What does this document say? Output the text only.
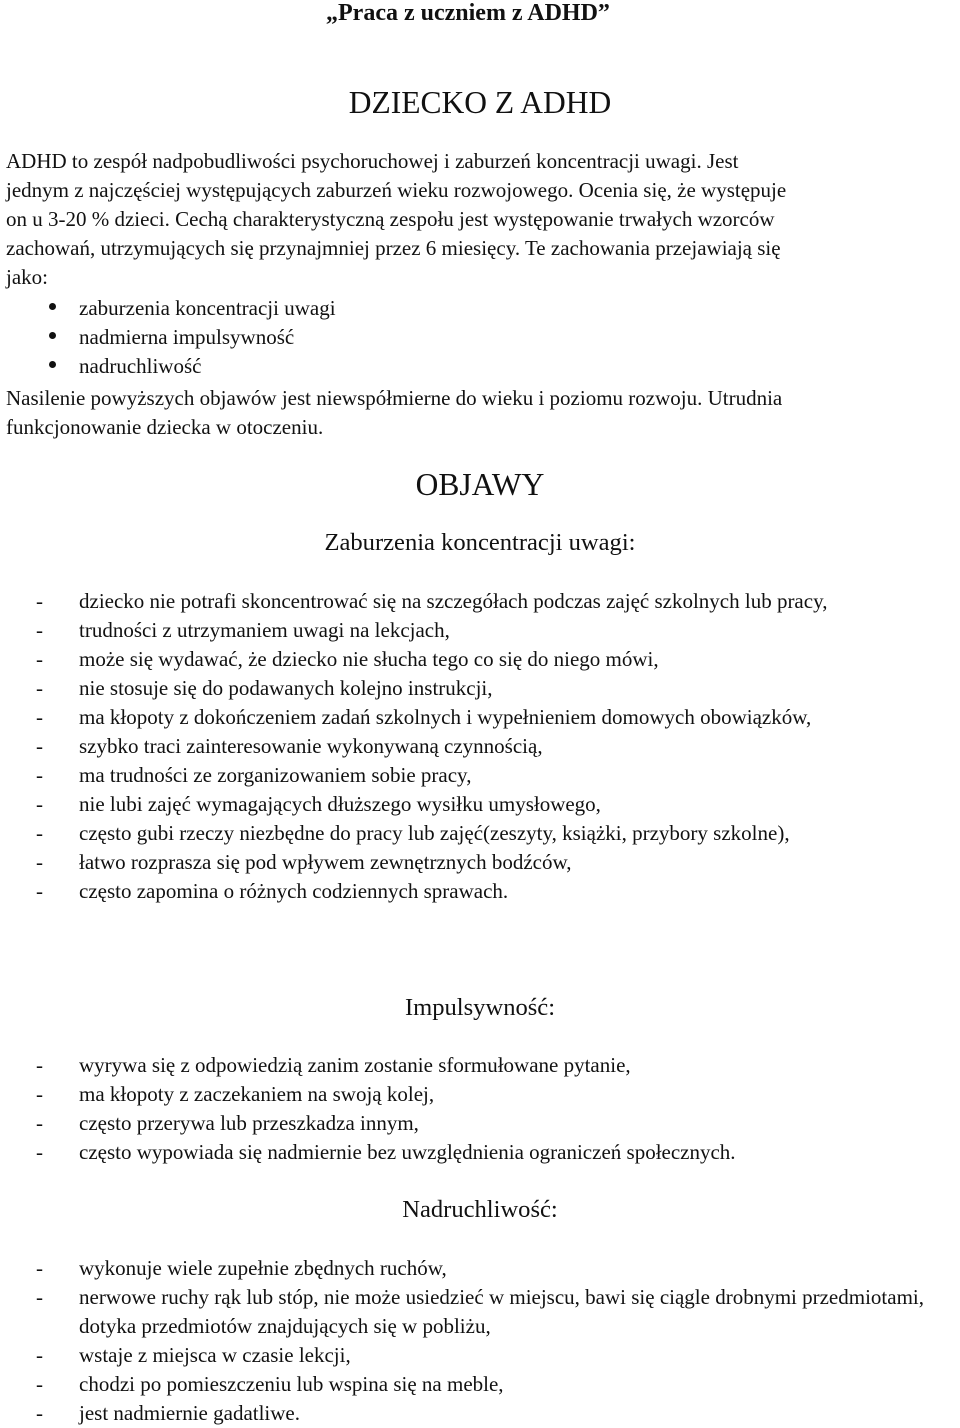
„Praca z uczniem z ADHD”
DZIECKO Z ADHD
ADHD to zespół nadpobudliwości psychoruchowej i zaburzeń koncentracji uwagi. Jest
jednym z najczęściej występujących zaburzeń wieku rozwojowego. Ocenia się, że występuje
on u 3-20 % dzieci. Cechą charakterystyczną zespołu jest występowanie trwałych wzorców
zachowań, utrzymujących się przynajmniej przez 6 miesięcy. Te zachowania przejawiają się
jako:
zaburzenia koncentracji uwagi
nadmierna impulsywność
nadruchliwość
Nasilenie powyższych objawów jest niewspółmierne do wieku i poziomu rozwoju. Utrudnia
funkcjonowanie dziecka w otoczeniu.
OBJAWY
Zaburzenia koncentracji uwagi:
- dziecko nie potrafi skoncentrować się na szczegółach podczas zajęć szkolnych lub pracy,
- trudności z utrzymaniem uwagi na lekcjach,
- może się wydawać, że dziecko nie słucha tego co się do niego mówi,
- nie stosuje się do podawanych kolejno instrukcji,
- ma kłopoty z dokończeniem zadań szkolnych i wypełnieniem domowych obowiązków,
- szybko traci zainteresowanie wykonywaną czynnością,
- ma trudności ze zorganizowaniem sobie pracy,
- nie lubi zajęć wymagających dłuższego wysiłku umysłowego,
- często gubi rzeczy niezbędne do pracy lub zajęć(zeszyty, książki, przybory szkolne),
- łatwo rozprasza się pod wpływem zewnętrznych bodźców,
- często zapomina o różnych codziennych sprawach.
Impulsywność:
- wyrywa się z odpowiedzią zanim zostanie sformułowane pytanie,
- ma kłopoty z zaczekaniem na swoją kolej,
- często przerywa lub przeszkadza innym,
- często wypowiada się nadmiernie bez uwzględnienia ograniczeń społecznych.
Nadruchliwość:
- wykonuje wiele zupełnie zbędnych ruchów,
- nerwowe ruchy rąk lub stóp, nie może usiedzieć w miejscu, bawi się ciągle drobnymi przedmiotami, dotyka przedmiotów znajdujących się w pobliżu,
- wstaje z miejsca w czasie lekcji,
- chodzi po pomieszczeniu lub wspina się na meble,
- jest nadmiernie gadatliwe.
